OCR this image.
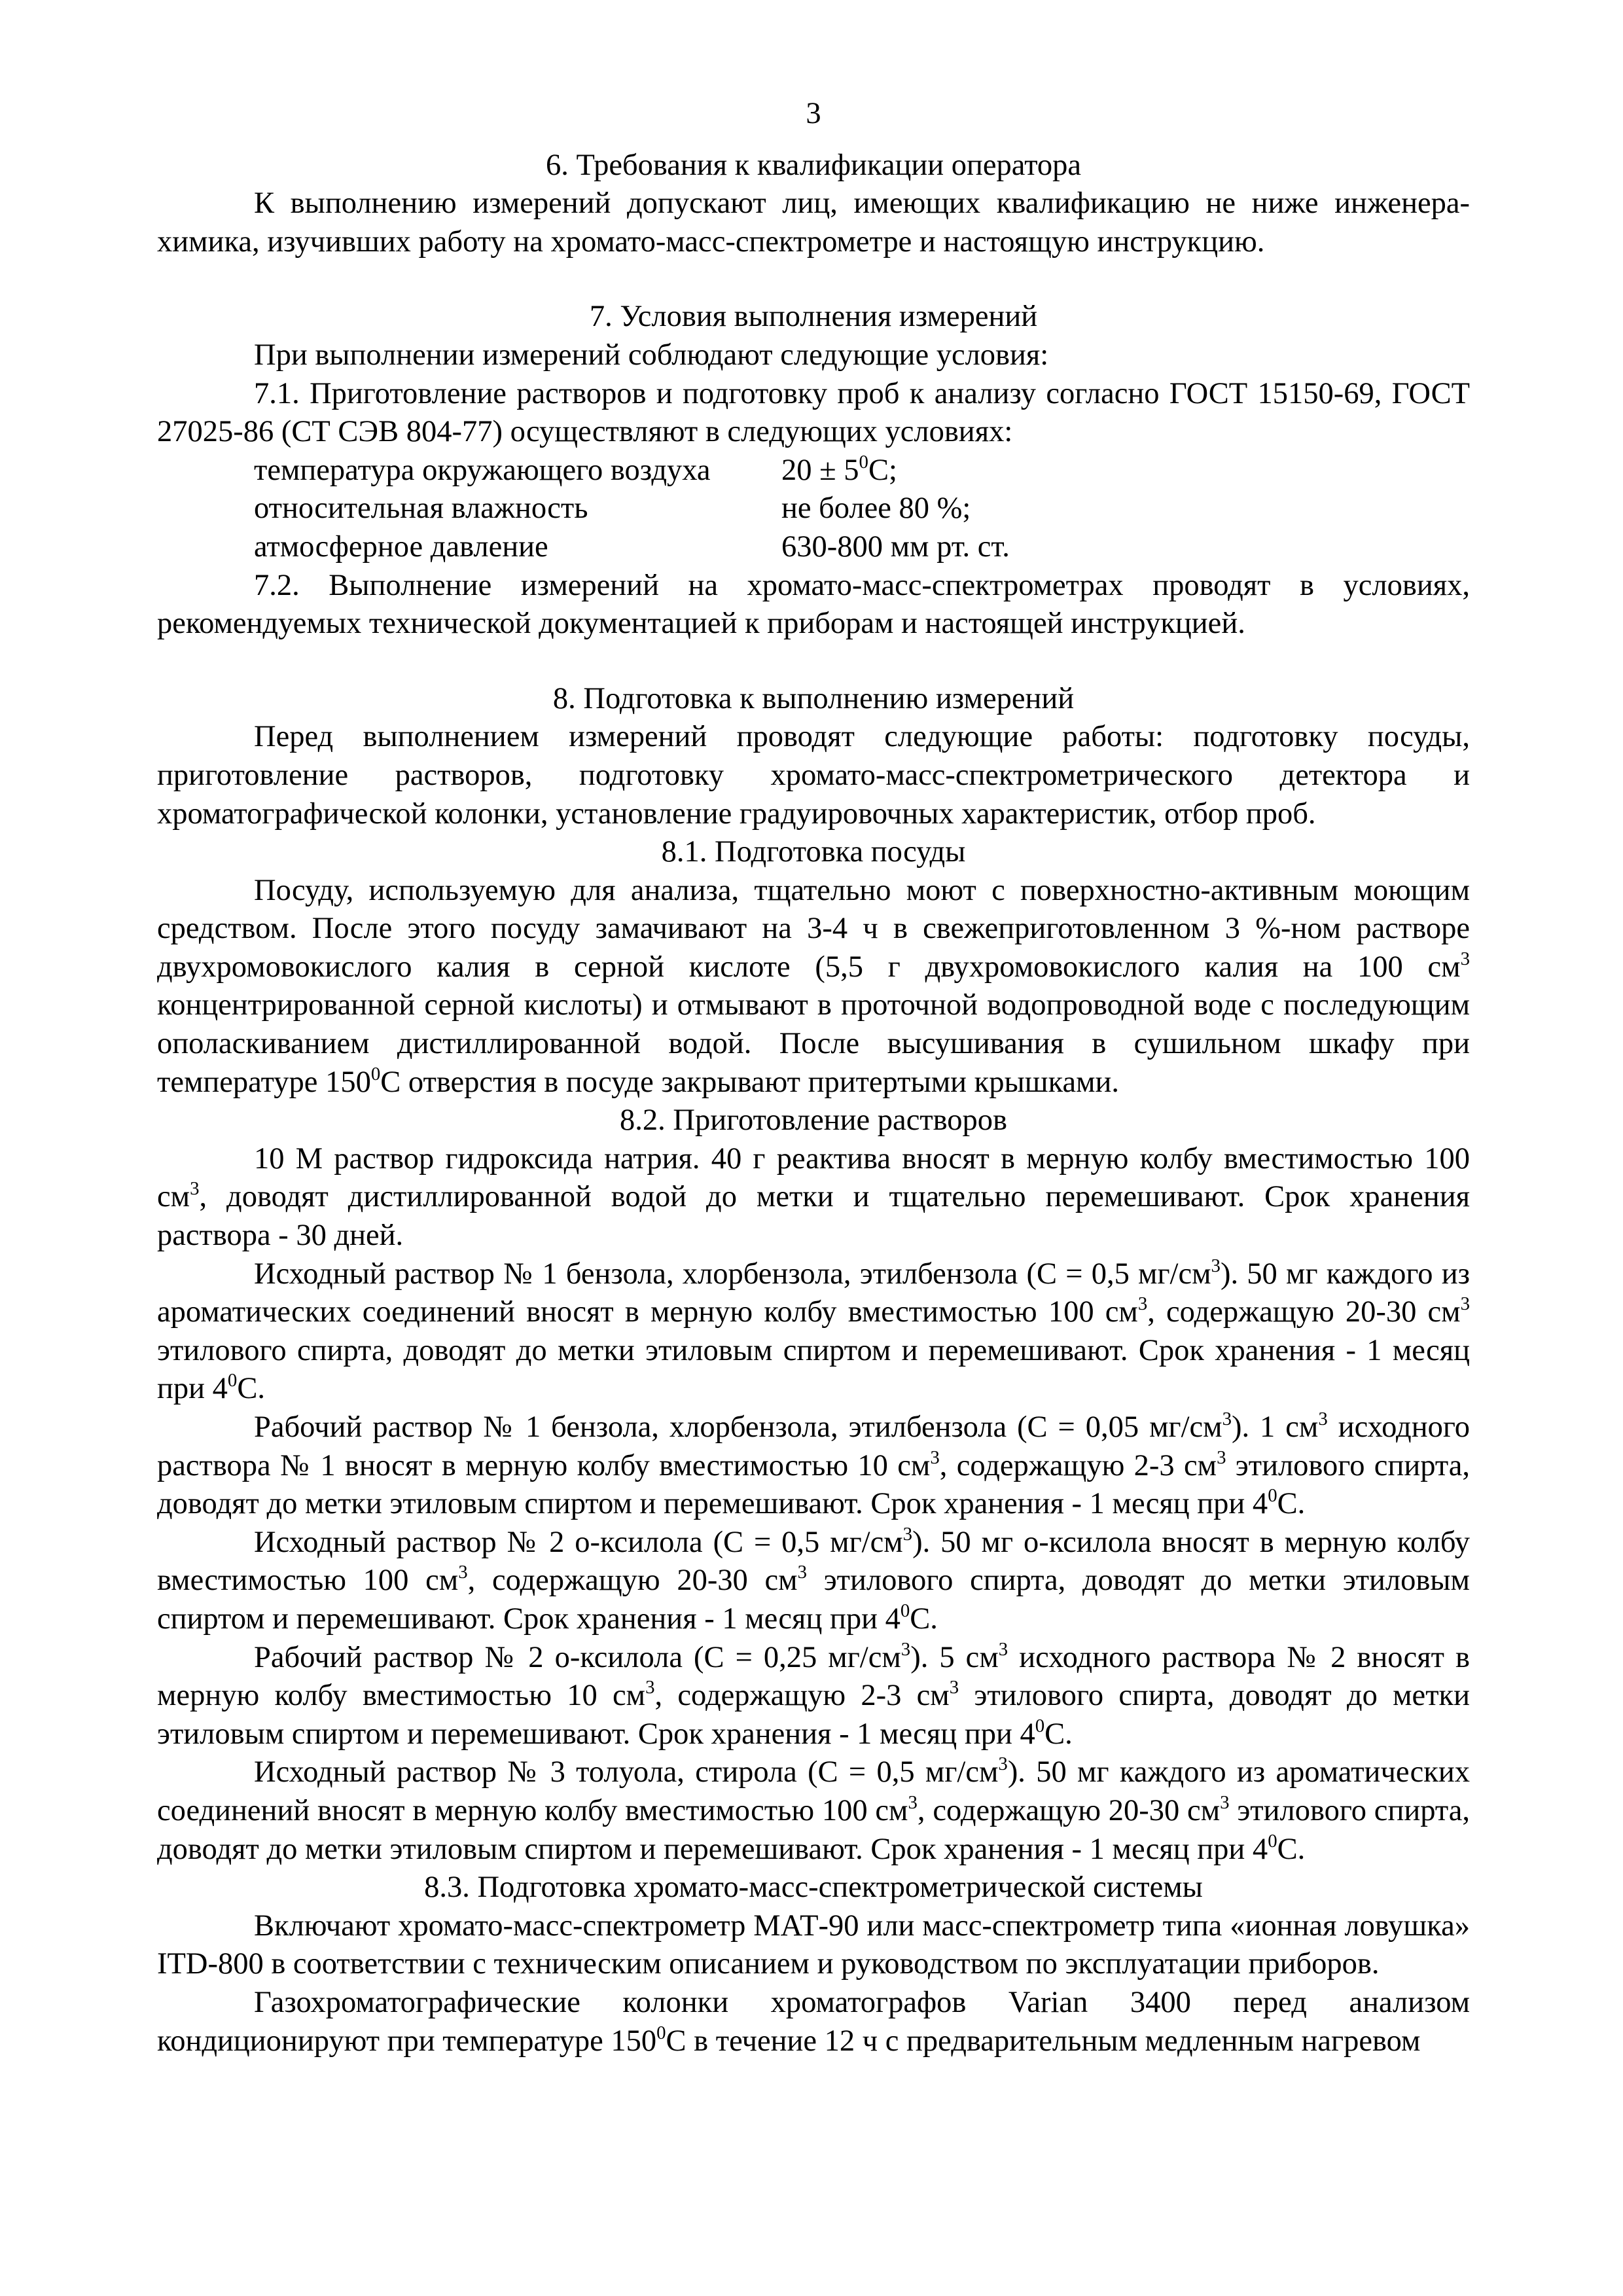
3
6. Требования к квалификации оператора
К выполнению измерений допускают лиц, имеющих квалификацию не ниже инженера-химика, изучивших работу на хромато-масс-спектрометре и настоящую инструкцию.
7. Условия выполнения измерений
При выполнении измерений соблюдают следующие условия:
7.1. Приготовление растворов и подготовку проб к анализу согласно ГОСТ 15150-69, ГОСТ 27025-86 (СТ СЭВ 804-77) осуществляют в следующих условиях:
температура окружающего воздуха	$20 \pm 5^0С$;
относительная влажность	не более 80 %;
атмосферное давление	630-800 мм рт. ст.
7.2. Выполнение измерений на хромато-масс-спектрометрах проводят в условиях, рекомендуемых технической документацией к приборам и настоящей инструкцией.
8. Подготовка к выполнению измерений
Перед выполнением измерений проводят следующие работы: подготовку посуды, приготовление растворов, подготовку хромато-масс-спектрометрического детектора и хроматографической колонки, установление градуировочных характеристик, отбор проб.
8.1. Подготовка посуды
Посуду, используемую для анализа, тщательно моют с поверхностно-активным моющим средством. После этого посуду замачивают на 3-4 ч в свежеприготовленном 3 %-ном растворе двухромовокислого калия в серной кислоте (5,5 г двухромовокислого калия на 100 $см^3$ концентрированной серной кислоты) и отмывают в проточной водопроводной воде с последующим ополаскиванием дистиллированной водой. После высушивания в сушильном шкафу при температуре $150^0С$ отверстия в посуде закрывают притертыми крышками.
8.2. Приготовление растворов
10 М раствор гидроксида натрия. 40 г реактива вносят в мерную колбу вместимостью 100 $см^3$, доводят дистиллированной водой до метки и тщательно перемешивают. Срок хранения раствора - 30 дней.
Исходный раствор № 1 бензола, хлорбензола, этилбензола (С = 0,5 $мг/см^3$). 50 мг каждого из ароматических соединений вносят в мерную колбу вместимостью 100 $см^3$, содержащую 20-30 $см^3$ этилового спирта, доводят до метки этиловым спиртом и перемешивают. Срок хранения - 1 месяц при $4^0С$.
Рабочий раствор № 1 бензола, хлорбензола, этилбензола (С = 0,05 $мг/см^3$). 1 $см^3$ исходного раствора № 1 вносят в мерную колбу вместимостью 10 $см^3$, содержащую 2-3 $см^3$ этилового спирта, доводят до метки этиловым спиртом и перемешивают. Срок хранения - 1 месяц при $4^0С$.
Исходный раствор № 2 о-ксилола (С = 0,5 $мг/см^3$). 50 мг о-ксилола вносят в мерную колбу вместимостью 100 $см^3$, содержащую 20-30 $см^3$ этилового спирта, доводят до метки этиловым спиртом и перемешивают. Срок хранения - 1 месяц при $4^0С$.
Рабочий раствор № 2 о-ксилола (С = 0,25 $мг/см^3$). 5 $см^3$ исходного раствора № 2 вносят в мерную колбу вместимостью 10 $см^3$, содержащую 2-3 $см^3$ этилового спирта, доводят до метки этиловым спиртом и перемешивают. Срок хранения - 1 месяц при $4^0С$.
Исходный раствор № 3 толуола, стирола (С = 0,5 $мг/см^3$). 50 мг каждого из ароматических соединений вносят в мерную колбу вместимостью 100 $см^3$, содержащую 20-30 $см^3$ этилового спирта, доводят до метки этиловым спиртом и перемешивают. Срок хранения - 1 месяц при $4^0С$.
8.3. Подготовка хромато-масс-спектрометрической системы
Включают хромато-масс-спектрометр МАТ-90 или масс-спектрометр типа «ионная ловушка» ITD-800 в соответствии с техническим описанием и руководством по эксплуатации приборов.
Газохроматографические колонки хроматографов Varian 3400 перед анализом кондиционируют при температуре $150^0С$ в течение 12 ч с предварительным медленным нагревом
